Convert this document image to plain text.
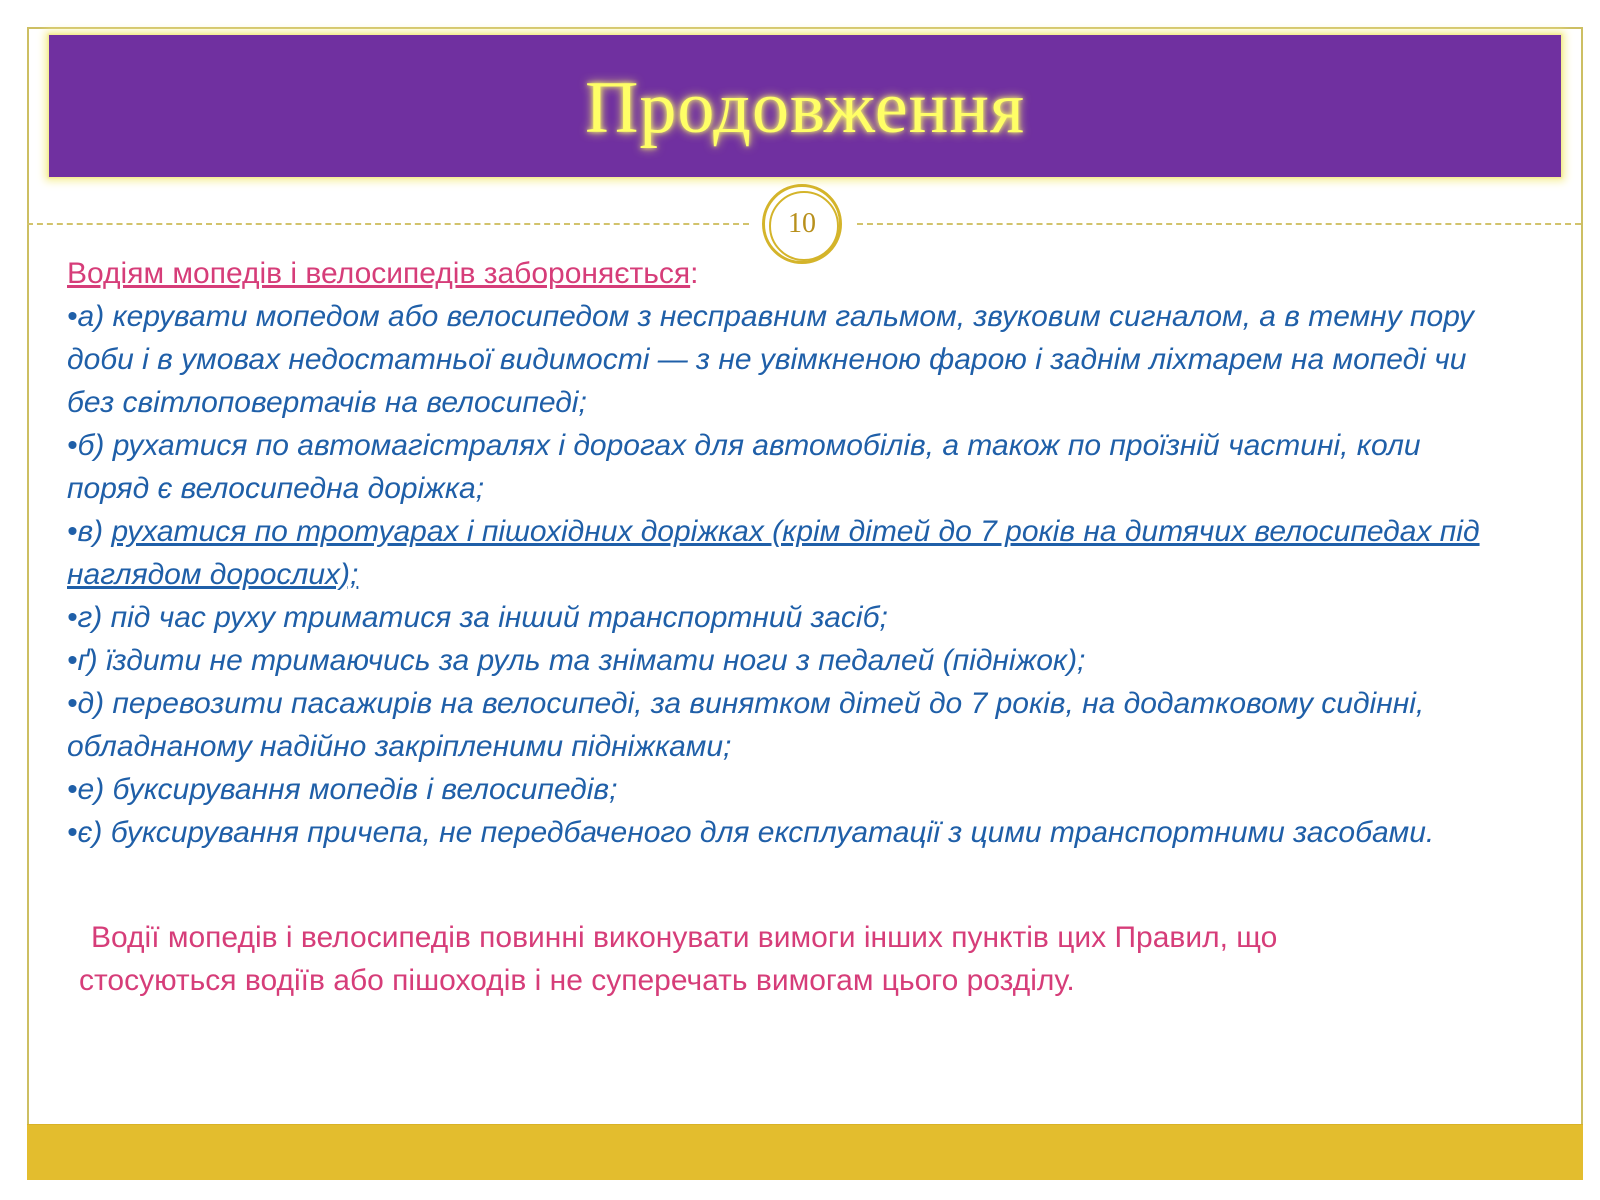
Продовження
10

Водіям мопедів і велосипедів забороняється:

•а) керувати мопедом або велосипедом з несправним гальмом, звуковим сигналом, а в темну пору доби і в умовах недостатньої видимості — з не увімкненою фарою і заднім ліхтарем на мопеді чи без світлоповертачів на велосипеді;

•б) рухатися по автомагістралях і дорогах для автомобілів, а також по проїзній частині, коли поряд є велосипедна доріжка;

•в) рухатися по тротуарах і пішохідних доріжках (крім дітей до 7 років на дитячих велосипедах під наглядом дорослих);

•г) під час руху триматися за інший транспортний засіб;

•ґ) їздити не тримаючись за руль та знімати ноги з педалей (підніжок);

•д) перевозити пасажирів на велосипеді, за винятком дітей до 7 років, на додатковому сидінні, обладнаному надійно закріпленими підніжками;

•е) буксирування мопедів і велосипедів;

•є) буксирування причепа, не передбаченого для експлуатації з цими транспортними засобами.

Водії мопедів і велосипедів повинні виконувати вимоги інших пунктів цих Правил, що стосуються водіїв або пішоходів і не суперечать вимогам цього розділу.
